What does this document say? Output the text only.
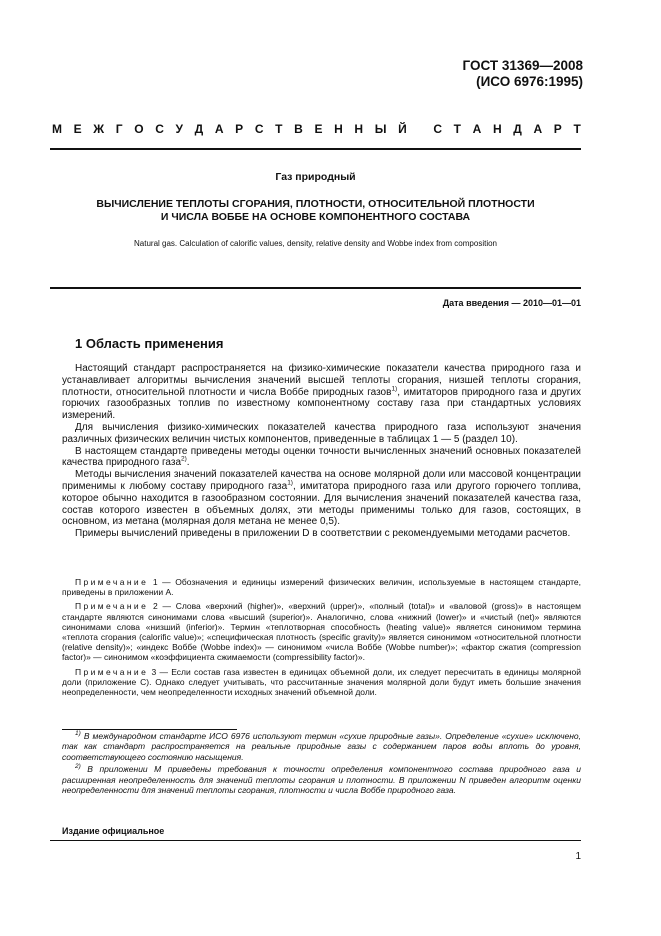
ГОСТ 31369—2008
(ИСО 6976:1995)
М Е Ж Г О С У Д А Р С Т В Е Н Н Ы Й
С Т А Н Д А Р Т
Газ природный
ВЫЧИСЛЕНИЕ ТЕПЛОТЫ СГОРАНИЯ, ПЛОТНОСТИ, ОТНОСИТЕЛЬНОЙ ПЛОТНОСТИ
И ЧИСЛА ВОББЕ НА ОСНОВЕ КОМПОНЕНТНОГО СОСТАВА
Natural gas. Calculation of calorific values, density, relative density and Wobbe index from composition
Дата введения — 2010—01—01
1 Область применения

Настоящий стандарт распространяется на физико-химические показатели качества природного газа и устанавливает алгоритмы вычисления значений высшей теплоты сгорания, низшей теплоты сгорания, плотности, относительной плотности и числа Воббе природных газов$^{1)}$, имитаторов природного газа и других горючих газообразных топлив по известному компонентному составу газа при стандартных условиях измерений.

Для вычисления физико-химических показателей качества природного газа используют значения различных физических величин чистых компонентов, приведенные в таблицах 1 — 5 (раздел 10).

В настоящем стандарте приведены методы оценки точности вычисленных значений основных показателей качества природного газа$^{2)}$.

Методы вычисления значений показателей качества на основе молярной доли или массовой концентрации применимы к любому составу природного газа$^{1)}$, имитатора природного газа или другого горючего топлива, которое обычно находится в газообразном состоянии. Для вычисления значений показателей качества газа, состав которого известен в объемных долях, эти методы применимы только для газов, состоящих, в основном, из метана (молярная доля метана не менее 0,5).

Примеры вычислений приведены в приложении D в соответствии с рекомендуемыми методами расчетов.

Примечание 1 — Обозначения и единицы измерений физических величин, используемые в настоящем стандарте, приведены в приложении А.

Примечание 2 — Слова «верхний (higher)», «верхний (upper)», «полный (total)» и «валовой (gross)» в настоящем стандарте являются синонимами слова «высший (superior)». Аналогично, слова «нижний (lower)» и «чистый (net)» являются синонимами слова «низший (inferior)». Термин «теплотворная способность (heating value)» является синонимом термина «теплота сгорания (calorific value)»; «специфическая плотность (specific gravity)» является синонимом «относительной плотности (relative density)»; «индекс Воббе (Wobbe index)» — синонимом «числа Воббе (Wobbe number)»; «фактор сжатия (compression factor)» — синонимом «коэффициента сжимаемости (compressibility factor)».

Примечание 3 — Если состав газа известен в единицах объемной доли, их следует пересчитать в единицы молярной доли (приложение С). Однако следует учитывать, что рассчитанные значения молярной доли будут иметь большие значения неопределенности, чем неопределенности исходных значений объемной доли.

$^{1)}$ В международном стандарте ИСО 6976 используют термин «сухие природные газы». Определение «сухие» исключено, так как стандарт распространяется на реальные природные газы с содержанием паров воды вплоть до уровня, соответствующего состоянию насыщения.

$^{2)}$ В приложении М приведены требования к точности определения компонентного состава природного газа и расширенная неопределенность для значений теплоты сгорания и плотности. В приложении N приведен алгоритм оценки неопределенности для значений теплоты сгорания, плотности и числа Воббе природного газа.

Издание официальное
1
